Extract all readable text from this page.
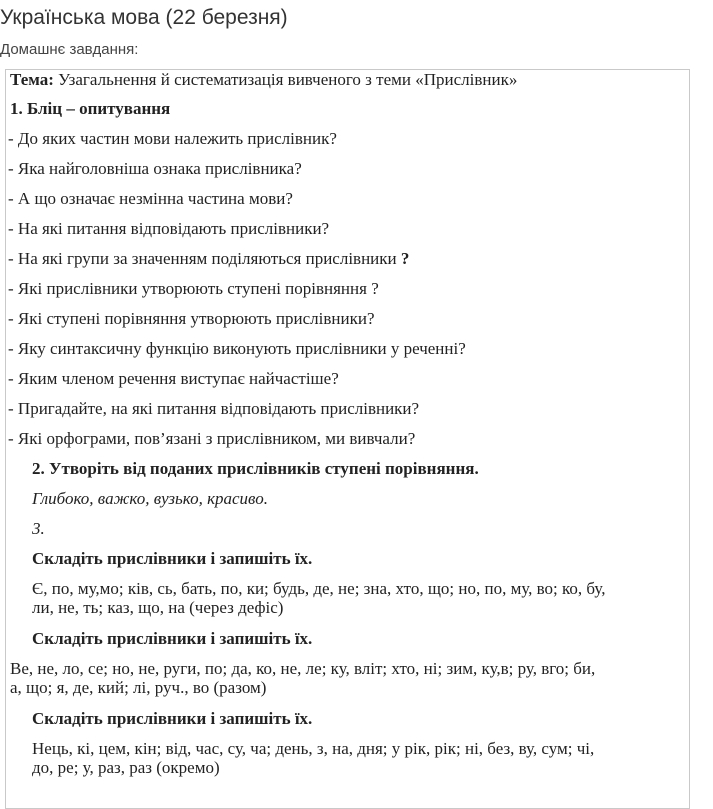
Українська мова (22 березня)
Домашнє завдання:
Тема: Узагальнення й систематизація вивченого з теми «Прислівник»
1. Бліц – опитування
- До яких частин мови належить прислівник?
- Яка найголовніша ознака прислівника?
- А що означає незмінна частина мови?
- На які питання відповідають прислівники?
- На які групи за значенням поділяються прислівники ?
- Які прислівники утворюють ступені порівняння ?
- Які ступені порівняння утворюють прислівники?
- Яку синтаксичну функцію виконують прислівники у реченні?
- Яким членом речення виступає найчастіше?
- Пригадайте, на які питання відповідають прислівники?
- Які орфограми, пов’язані з прислівником, ми вивчали?
2. Утворіть від поданих прислівників ступені порівняння.
Глибоко, важко, вузько, красиво.
3.
Складіть прислівники і запишіть їх.
Є, по, му,мо; ків, сь, бать, по, ки; будь, де, не; зна, хто, що; но, по, му, во; ко, бу,
ли, не, ть; каз, що, на (через дефіс)
Складіть прислівники і запишіть їх.
Ве, не, ло, се; но, не, руги, по; да, ко, не, ле; ку, вліт; хто, ні; зим, ку,в; ру, вго; би,
а, що; я, де, кий; лі, руч., во (разом)
Складіть прислівники і запишіть їх.
Нець, кі, цем, кін; від, час, су, ча; день, з, на, дня; у рік, рік; ні, без, ву, сум; чі,
до, ре; у, раз, раз (окремо)
